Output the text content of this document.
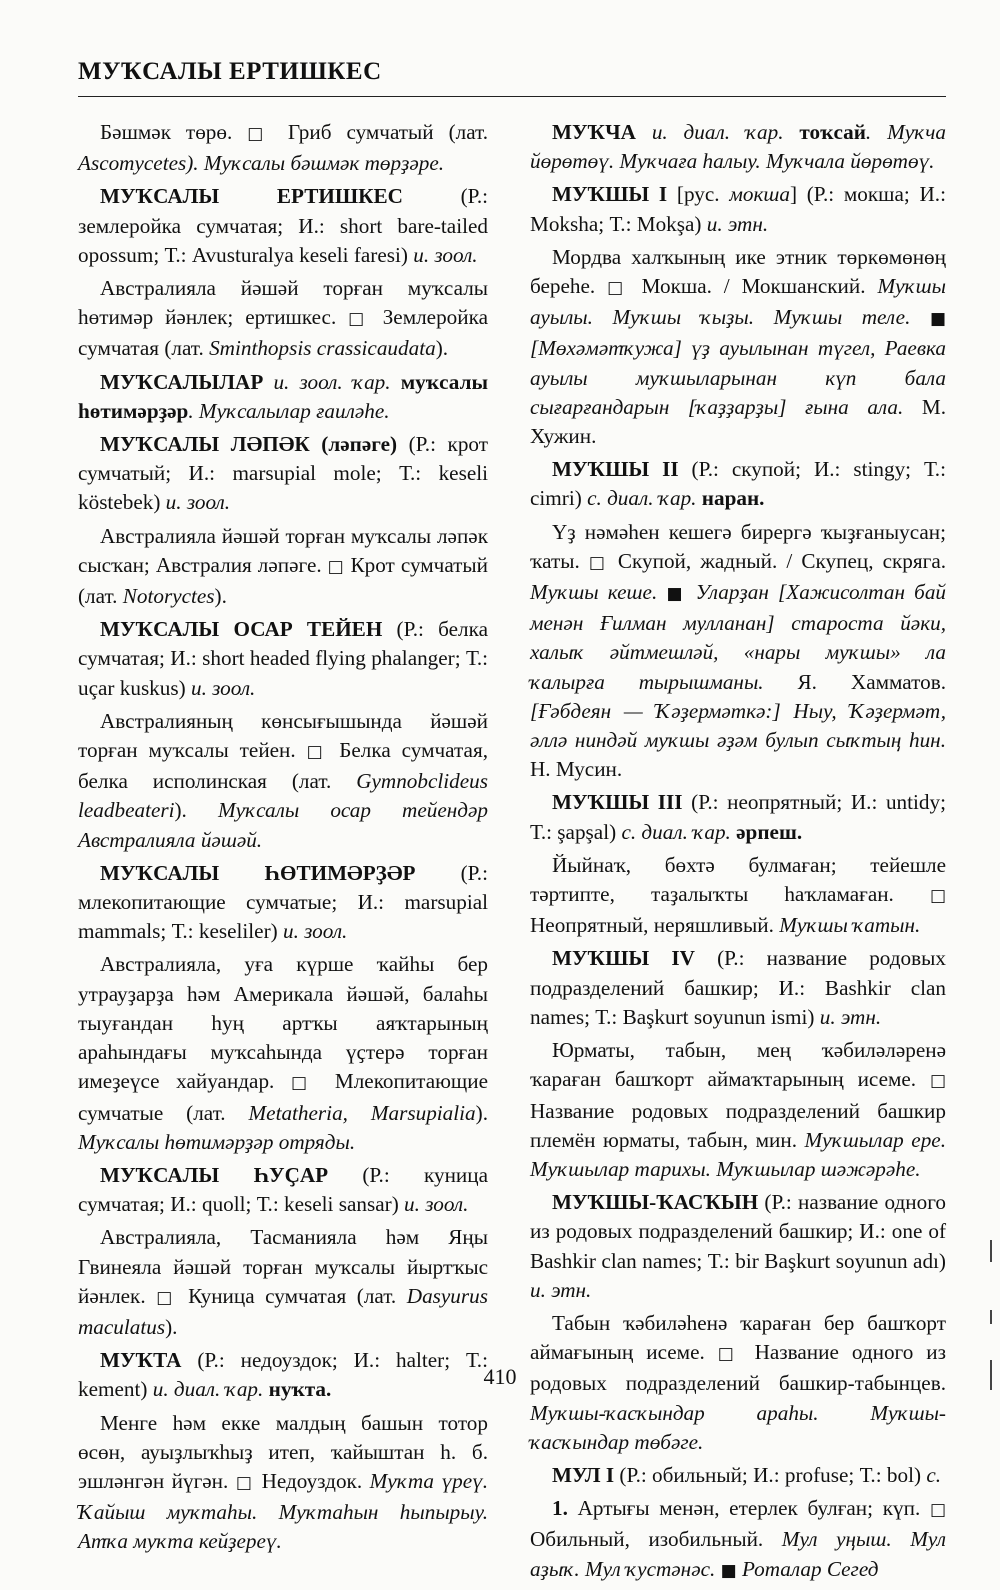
МУҠСАЛЫ ЕРТИШКЕС

Бәшмәк төрө. □ Гриб сумчатый (лат. Ascomycetes). Муҡсалы бәшмәк төрҙәре.

МУҠСАЛЫ ЕРТИШКЕС (Р.: землеройка сумчатая; И.: short bare-tailed opossum; Т.: Avusturalya keseli faresi) и. зоол.

Австралияла йәшәй торған муҡсалы һөтимәр йәнлек; ертишкес. □ Землеройка сумчатая (лат. Sminthopsis crassicaudata).

МУҠСАЛЫЛАР и. зоол. ҡар. муҡсалы һөтимәрҙәр. Муҡсалылар ғаиләһе.

МУҠСАЛЫ ЛӘПӘК (ләпәге) (Р.: крот сумчатый; И.: marsupial mole; Т.: keseli köstebek) и. зоол.

Австралияла йәшәй торған муҡсалы ләпәк сысҡан; Австралия ләпәге. □ Крот сумчатый (лат. Notoryctes).

МУҠСАЛЫ ОСАР ТЕЙЕН (Р.: белка сумчатая; И.: short headed flying phalanger; Т.: uçar kuskus) и. зоол.

Австралияның көнсығышында йәшәй торған муҡсалы тейен. □ Белка сумчатая, белка исполинская (лат. Gymnobclideus leadbeateri). Муҡсалы осар тейендәр Австралияла йәшәй.

МУҠСАЛЫ ҺӨТИМӘРҘӘР (Р.: млекопитающие сумчатые; И.: marsupial mammals; Т.: keseliler) и. зоол.

Австралияла, уға күрше ҡайһы бер утрауҙарҙа һәм Америкала йәшәй, балаһы тыуғандан һуң артҡы аяҡтарының араһындағы муҡсаһында үҫтерә торған имеҙеүсе хайуандар. □ Млекопитающие сумчатые (лат. Metatheria, Marsupialia). Муҡсалы һөтимәрҙәр отряды.

МУҠСАЛЫ ҺУҪАР (Р.: куница сумчатая; И.: quoll; Т.: keseli sansar) и. зоол.

Австралияла, Тасманияла һәм Яңы Гвинеяла йәшәй торған муҡсалы йыртҡыс йәнлек. □ Куница сумчатая (лат. Dasyurus maculatus).

МУҠТА (Р.: недоуздок; И.: halter; Т.: kement) и. диал. ҡар. нуҡта.

Менге һәм екке малдың башын тотор өсөн, ауыҙлыҡһыҙ итеп, ҡайыштан һ. б. эшләнгән йүгән. □ Недоуздок. Муҡта үреү. Ҡайыш муҡтаһы. Муҡтаһын һыпырыу. Атҡа муҡта кейҙереү.

МУҠЧА и. диал. ҡар. тоҡсай. Муҡча йөрөтөү. Муҡчаға һалыу. Муҡчала йөрөтөү.

МУҠШЫ I [рус. мокша] (Р.: мокша; И.: Moksha; Т.: Mokşa) и. этн.

Мордва халҡының ике этник төркөмөнөң береһе. □ Мокша. / Мокшанский. Муҡшы ауылы. Муҡшы ҡыҙы. Муҡшы теле. ■ [Мөхәмәтҡужа] үҙ ауылынан түгел, Раевка ауылы муҡшыларынан күп бала сығарғандарын [ҡаҙҙарҙы] ғына ала. М. Хужин.

МУҠШЫ II (Р.: скупой; И.: stingy; Т.: cimri) с. диал. ҡар. наран.

Үҙ нәмәһен кешегә бирергә ҡыҙғаныусан; ҡаты. □ Скупой, жадный. / Скупец, скряга. Муҡшы кеше. ■ Уларҙан [Хажисолтан бай менән Ғилман мулланан] староста йәки, халыҡ әйтмешләй, «нары муҡшы» ла ҡалырға тырышманы. Я. Хамматов. [Ғәбдеян — Ҡәҙермәткә:] Ныу, Ҡәҙермәт, әллә ниндәй муҡшы әҙәм булып сыҡтың һин. Н. Мусин.

МУҠШЫ III (Р.: неопрятный; И.: untidy; Т.: şapşal) с. диал. ҡар. әрпеш.

Йыйнаҡ, бөхтә булмаған; тейешле тәртипте, таҙалыҡты һаҡламаған. □ Неопрятный, неряшливый. Муҡшы ҡатын.

МУҠШЫ IV (Р.: название родовых подразделений башкир; И.: Bashkir clan names; Т.: Başkurt soyunun ismi) и. этн.

Юрматы, табын, мең ҡәбиләләренә ҡараған башҡорт аймаҡтарының исеме. □ Название родовых подразделений башкир племён юрматы, табын, мин. Муҡшылар ере. Муҡшылар тарихы. Муҡшылар шәжәрәһе.

МУҠШЫ-ҠАСҠЫН (Р.: название одного из родовых подразделений башкир; И.: one of Bashkir clan names; Т.: bir Başkurt soyunun adı) и. этн.

Табын ҡәбиләһенә ҡараған бер башҡорт аймағының исеме. □ Название одного из родовых подразделений башкир-табынцев. Муҡшы-ҡасҡындар араһы. Муҡшы-ҡасҡындар төбәге.

МУЛ I (Р.: обильный; И.: profuse; Т.: bol) с.

1. Артығы менән, етерлек булған; күп. □ Обильный, изобильный. Мул уңыш. Мул аҙыҡ. Мул ҡустәнәс. ■ Роталар Сегед

410
